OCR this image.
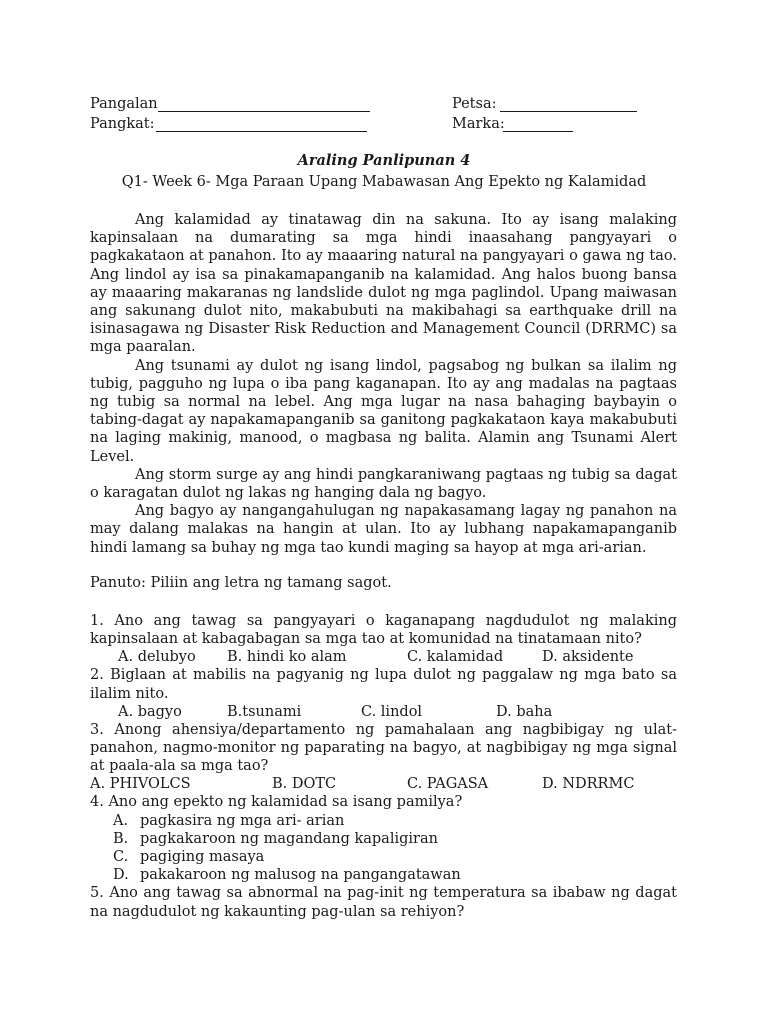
Pangalan	Petsa:
Pangkat:	Marka:
Araling Panlipunan 4
Q1- Week 6- Mga Paraan Upang Mabawasan Ang Epekto ng Kalamidad

Ang kalamidad ay tinatawag din na sakuna. Ito ay isang malaking kapinsalaan na dumarating sa mga hindi inaasahang pangyayari o pagkakataon at panahon. Ito ay maaaring natural na pangyayari o gawa ng tao. Ang lindol ay isa sa pinakamapanganib na kalamidad. Ang halos buong bansa ay maaaring makaranas ng landslide dulot ng mga paglindol. Upang maiwasan ang sakunang dulot nito, makabubuti na makibahagi sa earthquake drill na isinasagawa ng Disaster Risk Reduction and Management Council (DRRMC) sa mga paaralan.

Ang tsunami ay dulot ng isang lindol, pagsabog ng bulkan sa ilalim ng tubig, pagguho ng lupa o iba pang kaganapan. Ito ay ang madalas na pagtaas ng tubig sa normal na lebel. Ang mga lugar na nasa bahaging baybayin o tabing-dagat ay napakamapanganib sa ganitong pagkakataon kaya makabubuti na laging makinig, manood, o magbasa ng balita. Alamin ang Tsunami Alert Level.

Ang storm surge ay ang hindi pangkaraniwang pagtaas ng tubig sa dagat o karagatan dulot ng lakas ng hanging dala ng bagyo.

Ang bagyo ay nangangahulugan ng napakasamang lagay ng panahon na may dalang malakas na hangin at ulan. Ito ay lubhang napakamapanganib hindi lamang sa buhay ng mga tao kundi maging sa hayop at mga ari-arian.

Panuto: Piliin ang letra ng tamang sagot.

1. Ano ang tawag sa pangyayari o kaganapang nagdudulot ng malaking kapinsalaan at kabagabagan sa mga tao at komunidad na tinatamaan nito?

A. delubyo B. hindi ko alam	C. kalamidad	D. aksidente

2. Biglaan at mabilis na pagyanig ng lupa dulot ng paggalaw ng mga bato sa ilalim nito.

A. bagyo	B.tsunami	C. lindol	D. baha

3. Anong ahensiya/departamento ng pamahalaan ang nagbibigay ng ulat-panahon, nagmo-monitor ng paparating na bagyo, at nagbibigay ng mga signal at paala-ala sa mga tao?

A. PHIVOLCS	B. DOTC	C. PAGASA	D. NDRRMC

4. Ano ang epekto ng kalamidad sa isang pamilya?

A. pagkasira ng mga ari- arian
B. pagkakaroon ng magandang kapaligiran
C. pagiging masaya
D. pakakaroon ng malusog na pangangatawan

5. Ano ang tawag sa abnormal na pag-init ng temperatura sa ibabaw ng dagat na nagdudulot ng kakaunting pag-ulan sa rehiyon?
